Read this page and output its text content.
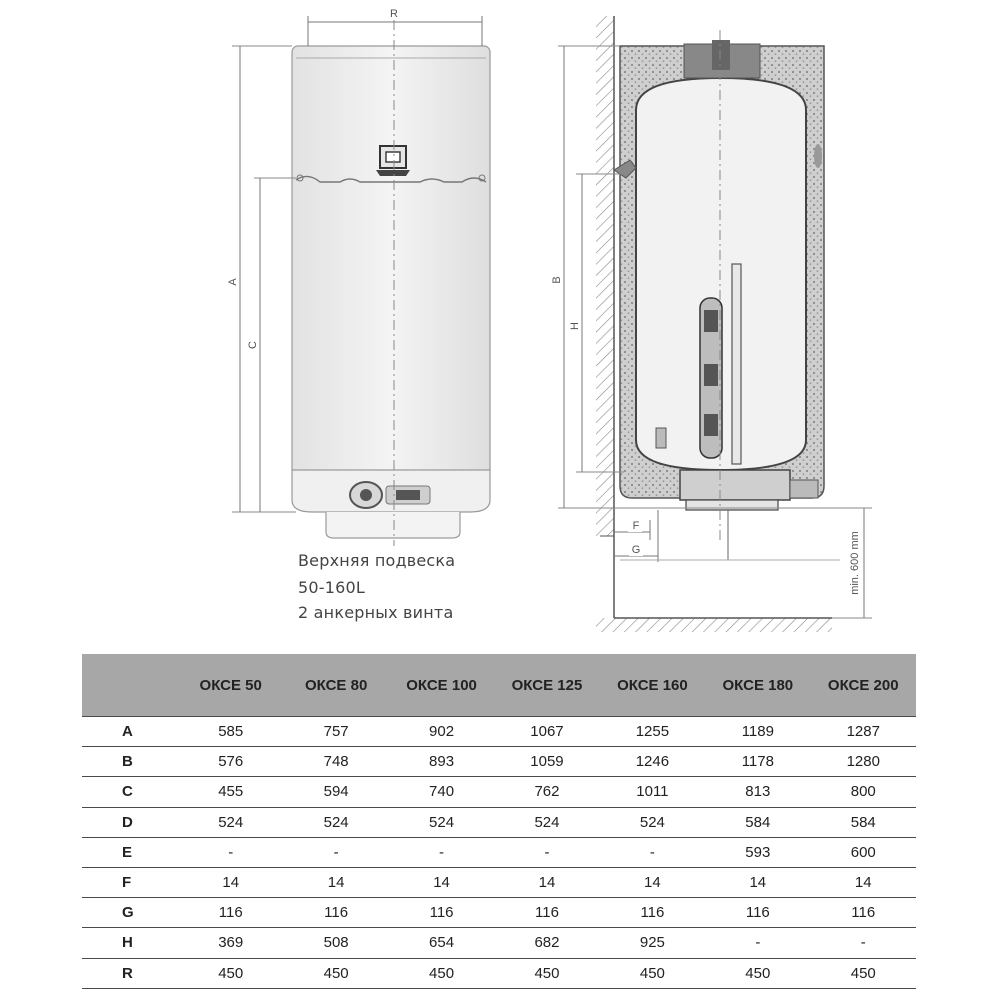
R
A
C
B
H
F
G	min. 600 mm
Верхняя подвеска
50-160L
2 анкерных винта
	ОКСЕ 50	ОКСЕ 80	ОКСЕ 100	ОКСЕ 125	ОКСЕ 160	ОКСЕ 180	ОКСЕ 200
A	585	757	902	1067	1255	1189	1287
B	576	748	893	1059	1246	1178	1280
C	455	594	740	762	1011	813	800
D	524	524	524	524	524	584	584
E	-	-	-	-	-	593	600
F	14	14	14	14	14	14	14
G	116	116	116	116	116	116	116
H	369	508	654	682	925	-	-
R	450	450	450	450	450	450	450
